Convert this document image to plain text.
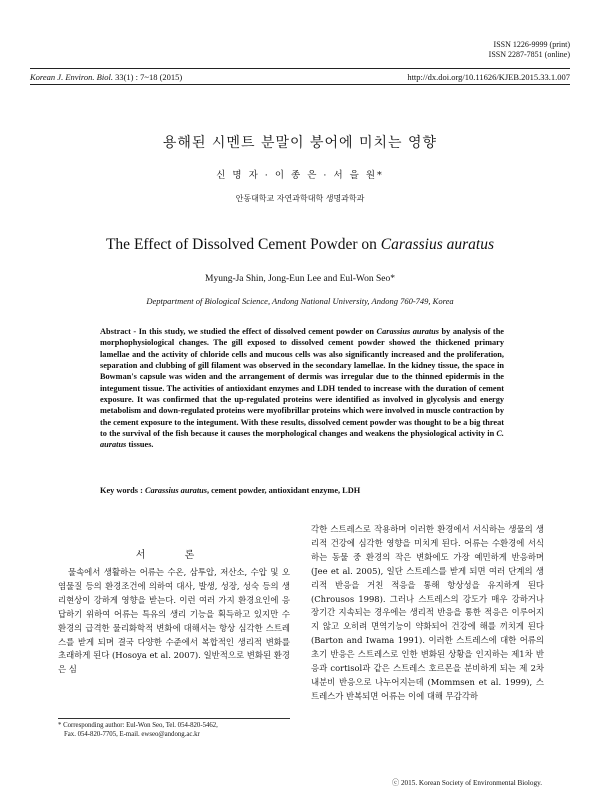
ISSN 1226-9999 (print)
ISSN 2287-7851 (online)
Korean J. Environ. Biol. 33(1) : 7~18 (2015)	http://dx.doi.org/10.11626/KJEB.2015.33.1.007
용해된 시멘트 분말이 붕어에 미치는 영향
신 명 자 · 이 종 은 · 서 을 원*
안동대학교 자연과학대학 생명과학과
The Effect of Dissolved Cement Powder on Carassius auratus
Myung-Ja Shin, Jong-Eun Lee and Eul-Won Seo*
Deptpartment of Biological Science, Andong National University, Andong 760-749, Korea
Abstract - In this study, we studied the effect of dissolved cement powder on Carassius auratus by analysis of the morphophysiological changes. The gill exposed to dissolved cement powder showed the thickened primary lamellae and the activity of chloride cells and mucous cells was also significantly increased and the proliferation, separation and clubbing of gill filament was observed in the secondary lamellae. In the kidney tissue, the space in Bowman's capsule was widen and the arrangement of dermis was irregular due to the thinned epidermis in the integument tissue. The activities of antioxidant enzymes and LDH tended to increase with the duration of cement exposure. It was confirmed that the up-regulated proteins were identified as involved in glycolysis and energy metabolism and down-regulated proteins were myofibrillar proteins which were involved in muscle contraction by the cement exposure to the integument. With these results, dissolved cement powder was thought to be a big threat to the survival of the fish because it causes the morphological changes and weakens the physiological activity in C. auratus tissues.
Key words : Carassius auratus, cement powder, antioxidant enzyme, LDH
서 론
물속에서 생활하는 어류는 수온, 삼투압, 저산소, 수압 및 오염물질 등의 환경조건에 의하여 대사, 발생, 성장, 성숙 등의 생리현상이 강하게 영향을 받는다. 이런 여러 가지 환경요인에 응답하기 위하여 어류는 특유의 생리 기능을 획득하고 있지만 수 환경의 급격한 물리화학적 변화에 대해서는 항상 심각한 스트레스를 받게 되며 결국 다양한 수준에서 복합적인 생리적 변화를 초래하게 된다 (Hosoya et al. 2007). 일반적으로 변화된 환경은 심
각한 스트레스로 작용하며 이러한 환경에서 서식하는 생물의 생리적 건강에 심각한 영향을 미치게 된다. 어류는 수환경에 서식하는 동물 중 환경의 작은 변화에도 가장 예민하게 반응하며 (Jee et al. 2005), 일단 스트레스를 받게 되면 여러 단계의 생리적 반응을 거친 적응을 통해 항상성을 유지하게 된다 (Chrousos 1998). 그러나 스트레스의 강도가 매우 강하거나 장기간 지속되는 경우에는 생리적 반응을 통한 적응은 이루어지지 않고 오히려 면역기능이 약화되어 건강에 해를 끼치게 된다 (Barton and Iwama 1991). 이러한 스트레스에 대한 어류의 초기 반응은 스트레스로 인한 변화된 상황을 인지하는 제1차 반응과 cortisol과 같은 스트레스 호르몬을 분비하게 되는 제 2차 내분비 반응으로 나누어지는데 (Mommsen et al. 1999), 스트레스가 반복되면 어류는 이에 대해 무감각하
* Corresponding author: Eul-Won Seo, Tel. 054-820-5462,
Fax. 054-820-7705, E-mail. ewseo@andong.ac.kr
ⓒ 2015. Korean Society of Environmental Biology.
